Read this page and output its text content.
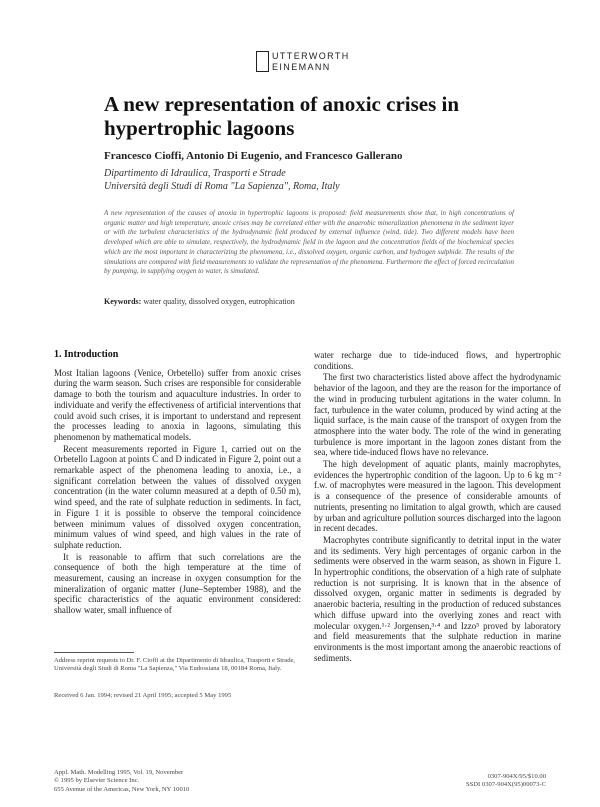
UTTERWORTH
EINEMANN
A new representation of anoxic crises in hypertrophic lagoons
Francesco Cioffi, Antonio Di Eugenio, and Francesco Gallerano
Dipartimento di Idraulica, Trasporti e Strade
Università degli Studi di Roma "La Sapienza", Roma, Italy
A new representation of the causes of anoxia in hypertrophic lagoons is proposed: field measurements show that, in high concentrations of organic matter and high temperature, anoxic crises may be correlated either with the anaerobic mineralization phenomena in the sediment layer or with the turbulent characteristics of the hydrodynamic field produced by external influence (wind, tide). Two different models have been developed which are able to simulate, respectively, the hydrodynamic field in the lagoon and the concentration fields of the biochemical species which are the most important in characterizing the phenomena, i.e., dissolved oxygen, organic carbon, and hydrogen sulphide. The results of the simulations are compared with field measurements to validate the representation of the phenomena. Furthermore the effect of forced recirculation by pumping, in supplying oxygen to water, is simulated.
Keywords: water quality, dissolved oxygen, eutrophication
1. Introduction

Most Italian lagoons (Venice, Orbetello) suffer from anoxic crises during the warm season. Such crises are responsible for considerable damage to both the tourism and aquaculture industries. In order to individuate and verify the effectiveness of artificial interventions that could avoid such crises, it is important to understand and represent the processes leading to anoxia in lagoons, simulating this phenomenon by mathematical models.

Recent measurements reported in Figure 1, carried out on the Orbetello Lagoon at points C and D indicated in Figure 2, point out a remarkable aspect of the phenomena leading to anoxia, i.e., a significant correlation between the values of dissolved oxygen concentration (in the water column measured at a depth of 0.50 m), wind speed, and the rate of sulphate reduction in sediments. In fact, in Figure 1 it is possible to observe the temporal coincidence between minimum values of dissolved oxygen concentration, minimum values of wind speed, and high values in the rate of sulphate reduction.

It is reasonable to affirm that such correlations are the consequence of both the high temperature at the time of measurement, causing an increase in oxygen consumption for the mineralization of organic matter (June–September 1988), and the specific characteristics of the aquatic environment considered: shallow water, small influence of

water recharge due to tide-induced flows, and hypertrophic conditions.

The first two characteristics listed above affect the hydrodynamic behavior of the lagoon, and they are the reason for the importance of the wind in producing turbulent agitations in the water column. In fact, turbulence in the water column, produced by wind acting at the liquid surface, is the main cause of the transport of oxygen from the atmosphere into the water body. The role of the wind in generating turbulence is more important in the lagoon zones distant from the sea, where tide-induced flows have no relevance.

The high development of aquatic plants, mainly macrophytes, evidences the hypertrophic condition of the lagoon. Up to 6 kg m⁻² f.w. of macrophytes were measured in the lagoon. This development is a consequence of the presence of considerable amounts of nutrients, presenting no limitation to algal growth, which are caused by urban and agriculture pollution sources discharged into the lagoon in recent decades.

Macrophytes contribute significantly to detrital input in the water and its sediments. Very high percentages of organic carbon in the sediments were observed in the warm season, as shown in Figure 1. In hypertrophic conditions, the observation of a high rate of sulphate reduction is not surprising. It is known that in the absence of dissolved oxygen, organic matter in sediments is degraded by anaerobic bacteria, resulting in the production of reduced substances which diffuse upward into the overlying zones and react with molecular oxygen.¹·² Jorgensen,³·⁴ and Izzo⁵ proved by laboratory and field measurements that the sulphate reduction in marine environments is the most important among the anaerobic reactions of sediments.

Address reprint requests to Dr. F. Cioffi at the Dipartimento di Idraulica, Trasporti e Strade, Università degli Studi di Roma "La Sapienza," Via Eudossiana 18, 00184 Roma, Italy.
Received 6 Jan. 1994; revised 21 April 1995; accepted 5 May 1995
Appl. Math. Modelling 1995, Vol. 19, November
© 1995 by Elsevier Science Inc.
655 Avenue of the Americas, New York, NY 10010
0307-904X/95/$10.00
SSDI 0307-904X(95)00073-C
